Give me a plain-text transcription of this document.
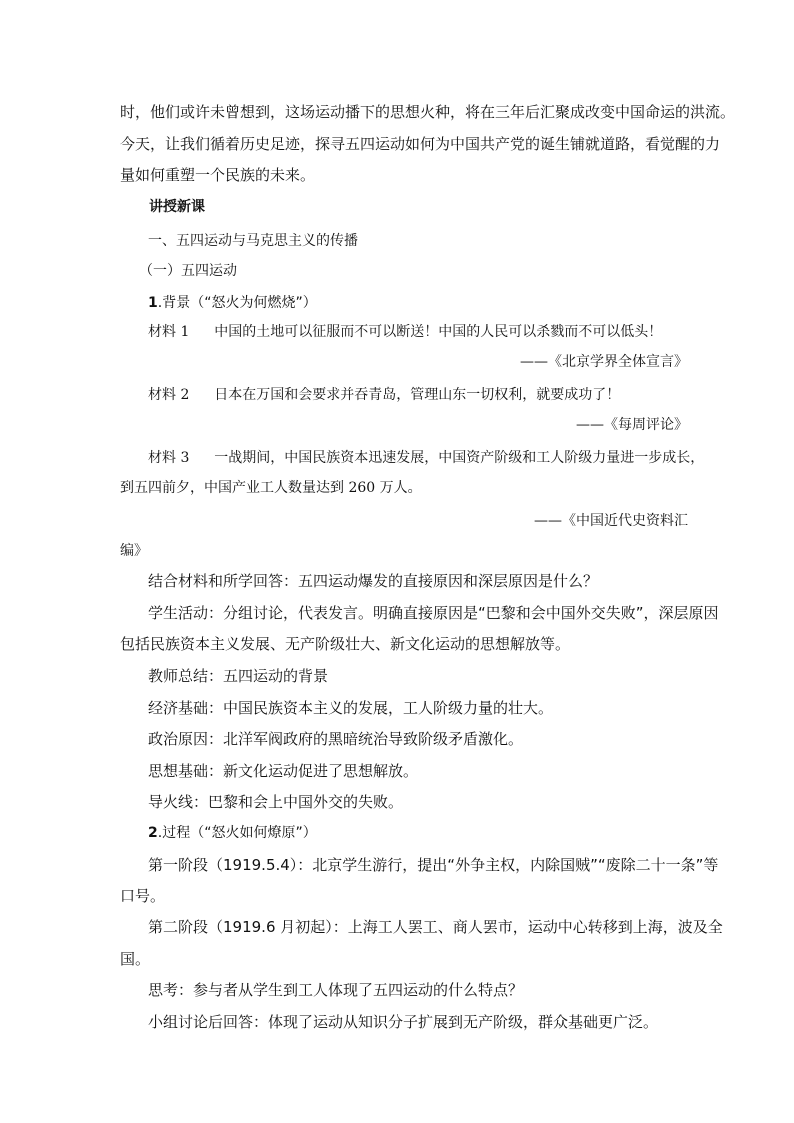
时，他们或许未曾想到，这场运动播下的思想火种，将在三年后汇聚成改变中国命运的洪流。
今天，让我们循着历史足迹，探寻五四运动如何为中国共产党的诞生铺就道路，看觉醒的力
量如何重塑一个民族的未来。
讲授新课
一、五四运动与马克思主义的传播
（一）五四运动
1.背景（“怒火为何燃烧”）
材料 1 中国的土地可以征服而不可以断送！中国的人民可以杀戮而不可以低头！
——《北京学界全体宣言》
材料 2 日本在万国和会要求并吞青岛，管理山东一切权利，就要成功了！
——《每周评论》
材料 3 一战期间，中国民族资本迅速发展，中国资产阶级和工人阶级力量进一步成长，
到五四前夕，中国产业工人数量达到 260 万人。
——《中国近代史资料汇
编》
结合材料和所学回答：五四运动爆发的直接原因和深层原因是什么？
学生活动：分组讨论，代表发言。明确直接原因是“巴黎和会中国外交失败”，深层原因
包括民族资本主义发展、无产阶级壮大、新文化运动的思想解放等。
教师总结：五四运动的背景
经济基础：中国民族资本主义的发展，工人阶级力量的壮大。
政治原因：北洋军阀政府的黑暗统治导致阶级矛盾激化。
思想基础：新文化运动促进了思想解放。
导火线：巴黎和会上中国外交的失败。
2.过程（“怒火如何燎原”）
第一阶段（1919.5.4）：北京学生游行，提出“外争主权，内除国贼”“废除二十一条”等
口号。
第二阶段（1919.6 月初起）：上海工人罢工、商人罢市，运动中心转移到上海，波及全
国。
思考：参与者从学生到工人体现了五四运动的什么特点？
小组讨论后回答：体现了运动从知识分子扩展到无产阶级，群众基础更广泛。
